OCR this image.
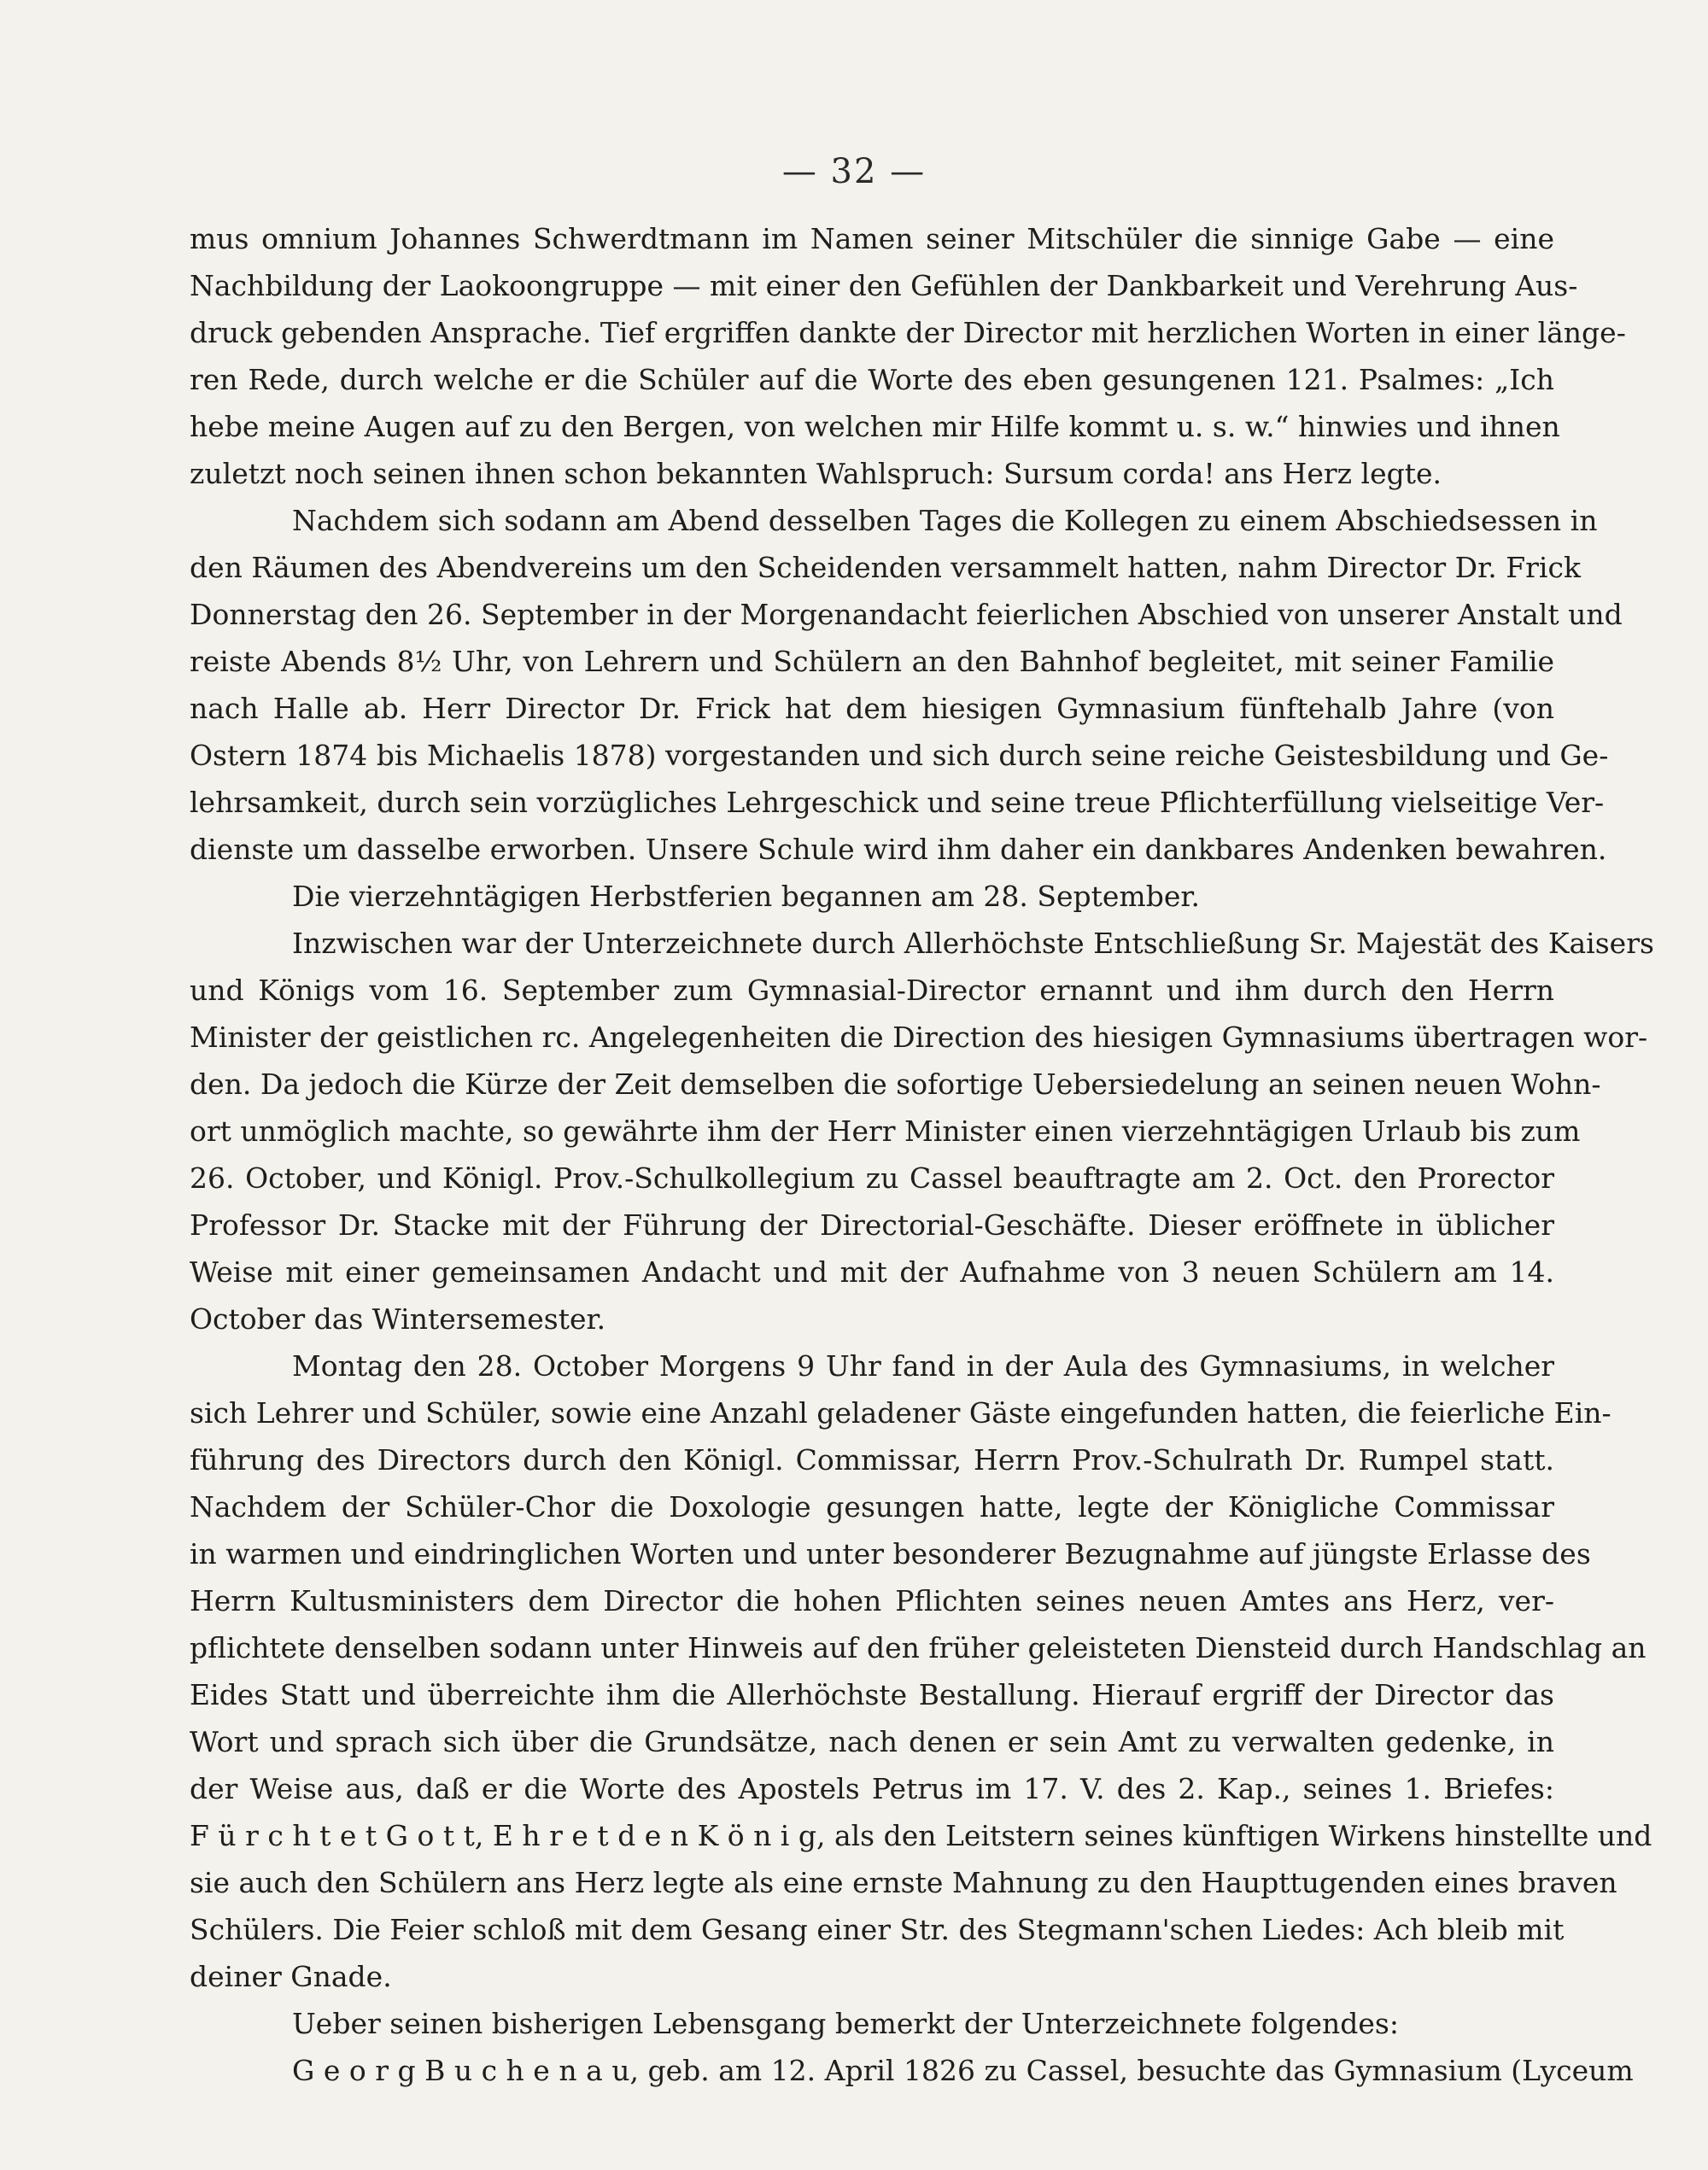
— 32 —
mus omnium Johannes Schwerdtmann im Namen seiner Mitschüler die sinnige Gabe — eine
Nachbildung der Laokoongruppe — mit einer den Gefühlen der Dankbarkeit und Verehrung Aus-
druck gebenden Ansprache. Tief ergriffen dankte der Director mit herzlichen Worten in einer länge-
ren Rede, durch welche er die Schüler auf die Worte des eben gesungenen 121. Psalmes: „Ich
hebe meine Augen auf zu den Bergen, von welchen mir Hilfe kommt u. s. w.“ hinwies und ihnen
zuletzt noch seinen ihnen schon bekannten Wahlspruch: Sursum corda! ans Herz legte.
Nachdem sich sodann am Abend desselben Tages die Kollegen zu einem Abschiedsessen in
den Räumen des Abendvereins um den Scheidenden versammelt hatten, nahm Director Dr. Frick
Donnerstag den 26. September in der Morgenandacht feierlichen Abschied von unserer Anstalt und
reiste Abends 8½ Uhr, von Lehrern und Schülern an den Bahnhof begleitet, mit seiner Familie
nach Halle ab. Herr Director Dr. Frick hat dem hiesigen Gymnasium fünftehalb Jahre (von
Ostern 1874 bis Michaelis 1878) vorgestanden und sich durch seine reiche Geistesbildung und Ge-
lehrsamkeit, durch sein vorzügliches Lehrgeschick und seine treue Pflichterfüllung vielseitige Ver-
dienste um dasselbe erworben. Unsere Schule wird ihm daher ein dankbares Andenken bewahren.
Die vierzehntägigen Herbstferien begannen am 28. September.
Inzwischen war der Unterzeichnete durch Allerhöchste Entschließung Sr. Majestät des Kaisers
und Königs vom 16. September zum Gymnasial-Director ernannt und ihm durch den Herrn
Minister der geistlichen rc. Angelegenheiten die Direction des hiesigen Gymnasiums übertragen wor-
den. Da jedoch die Kürze der Zeit demselben die sofortige Uebersiedelung an seinen neuen Wohn-
ort unmöglich machte, so gewährte ihm der Herr Minister einen vierzehntägigen Urlaub bis zum
26. October, und Königl. Prov.-Schulkollegium zu Cassel beauftragte am 2. Oct. den Prorector
Professor Dr. Stacke mit der Führung der Directorial-Geschäfte. Dieser eröffnete in üblicher
Weise mit einer gemeinsamen Andacht und mit der Aufnahme von 3 neuen Schülern am 14.
October das Wintersemester.
Montag den 28. October Morgens 9 Uhr fand in der Aula des Gymnasiums, in welcher
sich Lehrer und Schüler, sowie eine Anzahl geladener Gäste eingefunden hatten, die feierliche Ein-
führung des Directors durch den Königl. Commissar, Herrn Prov.-Schulrath Dr. Rumpel statt.
Nachdem der Schüler-Chor die Doxologie gesungen hatte, legte der Königliche Commissar
in warmen und eindringlichen Worten und unter besonderer Bezugnahme auf jüngste Erlasse des
Herrn Kultusministers dem Director die hohen Pflichten seines neuen Amtes ans Herz, ver-
pflichtete denselben sodann unter Hinweis auf den früher geleisteten Diensteid durch Handschlag an
Eides Statt und überreichte ihm die Allerhöchste Bestallung. Hierauf ergriff der Director das
Wort und sprach sich über die Grundsätze, nach denen er sein Amt zu verwalten gedenke, in
der Weise aus, daß er die Worte des Apostels Petrus im 17. V. des 2. Kap., seines 1. Briefes:
F ü r c h t e t G o t t, E h r e t d e n K ö n i g, als den Leitstern seines künftigen Wirkens hinstellte und
sie auch den Schülern ans Herz legte als eine ernste Mahnung zu den Haupttugenden eines braven
Schülers. Die Feier schloß mit dem Gesang einer Str. des Stegmann'schen Liedes: Ach bleib mit
deiner Gnade.
Ueber seinen bisherigen Lebensgang bemerkt der Unterzeichnete folgendes:
G e o r g B u c h e n a u, geb. am 12. April 1826 zu Cassel, besuchte das Gymnasium (Lyceum
